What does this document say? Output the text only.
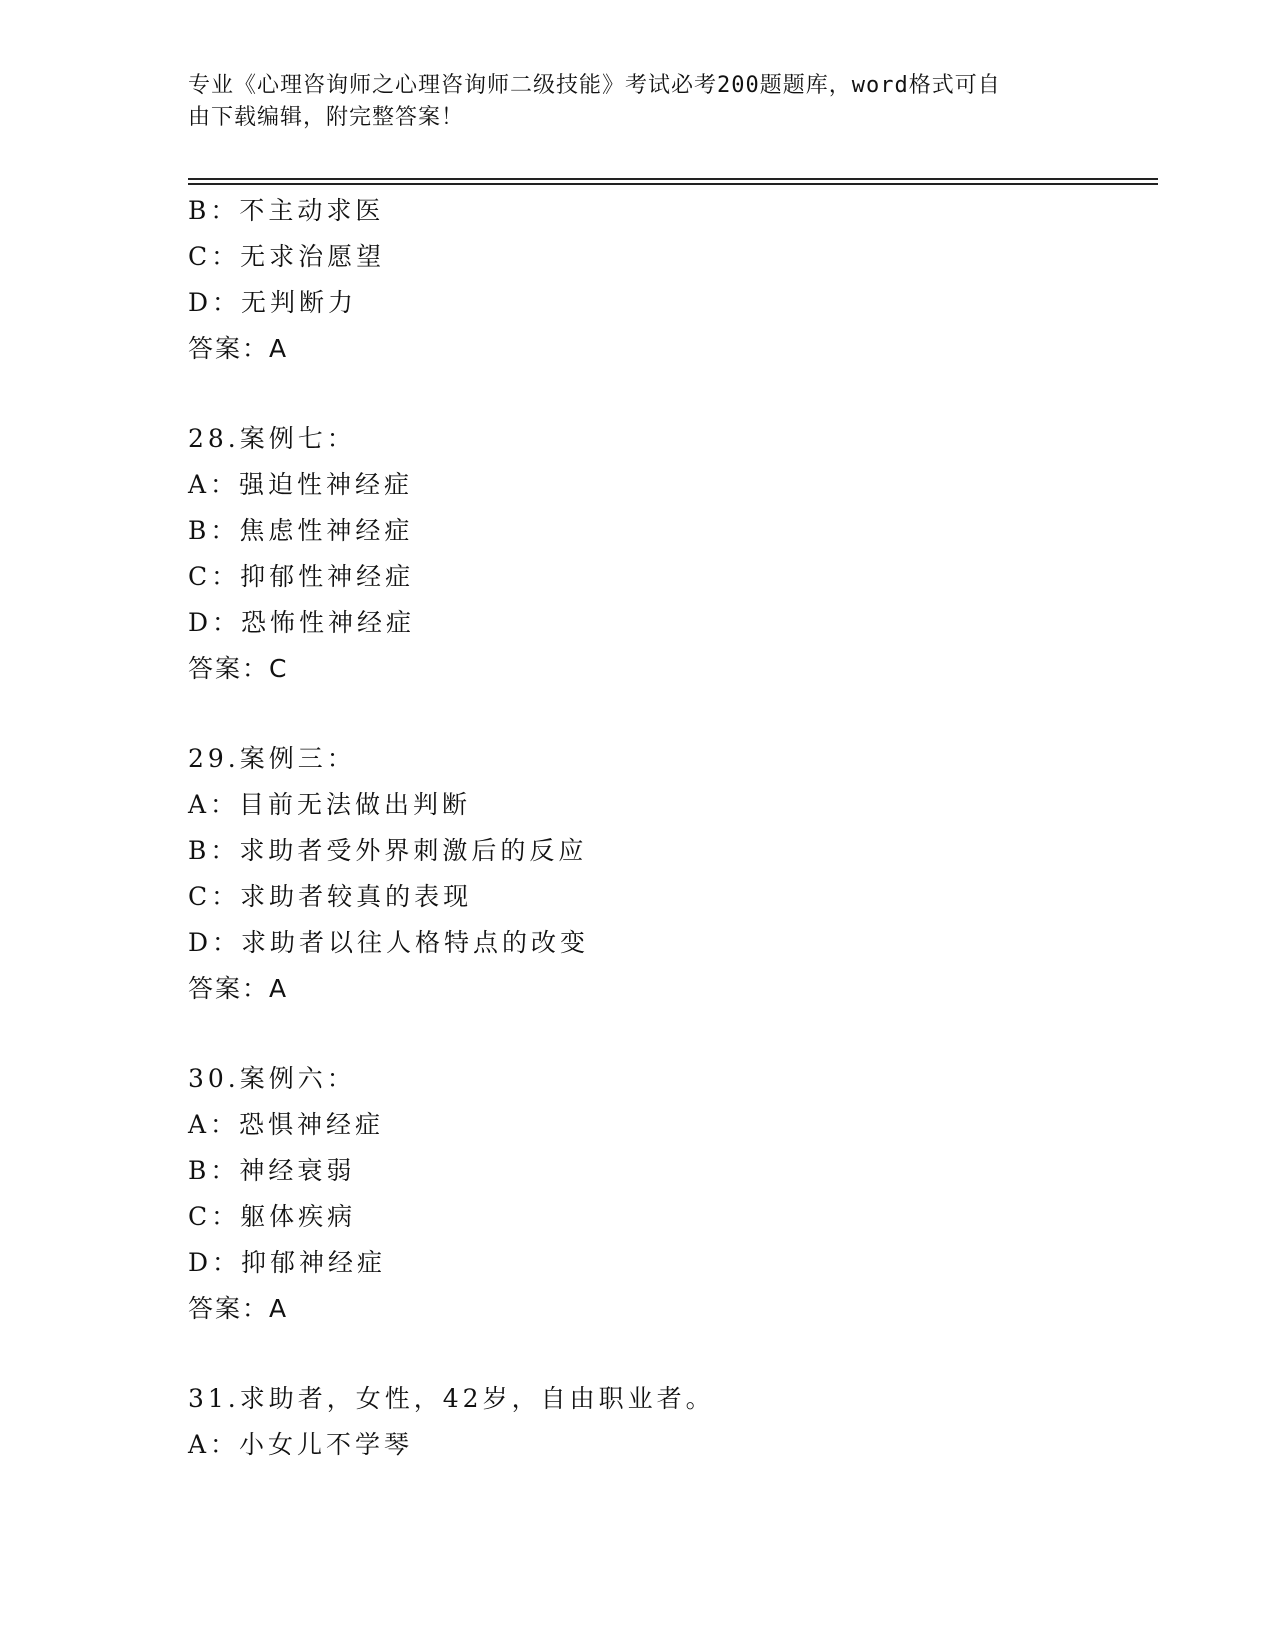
专业《心理咨询师之心理咨询师二级技能》考试必考200题题库，word格式可自
由下载编辑，附完整答案！
B：不主动求医
C：无求治愿望
D：无判断力
答案：A
28.案例七：
A：强迫性神经症
B：焦虑性神经症
C：抑郁性神经症
D：恐怖性神经症
答案：C
29.案例三：
A：目前无法做出判断
B：求助者受外界刺激后的反应
C：求助者较真的表现
D：求助者以往人格特点的改变
答案：A
30.案例六：
A：恐惧神经症
B：神经衰弱
C：躯体疾病
D：抑郁神经症
答案：A
31.求助者，女性，42岁，自由职业者。
A：小女儿不学琴
